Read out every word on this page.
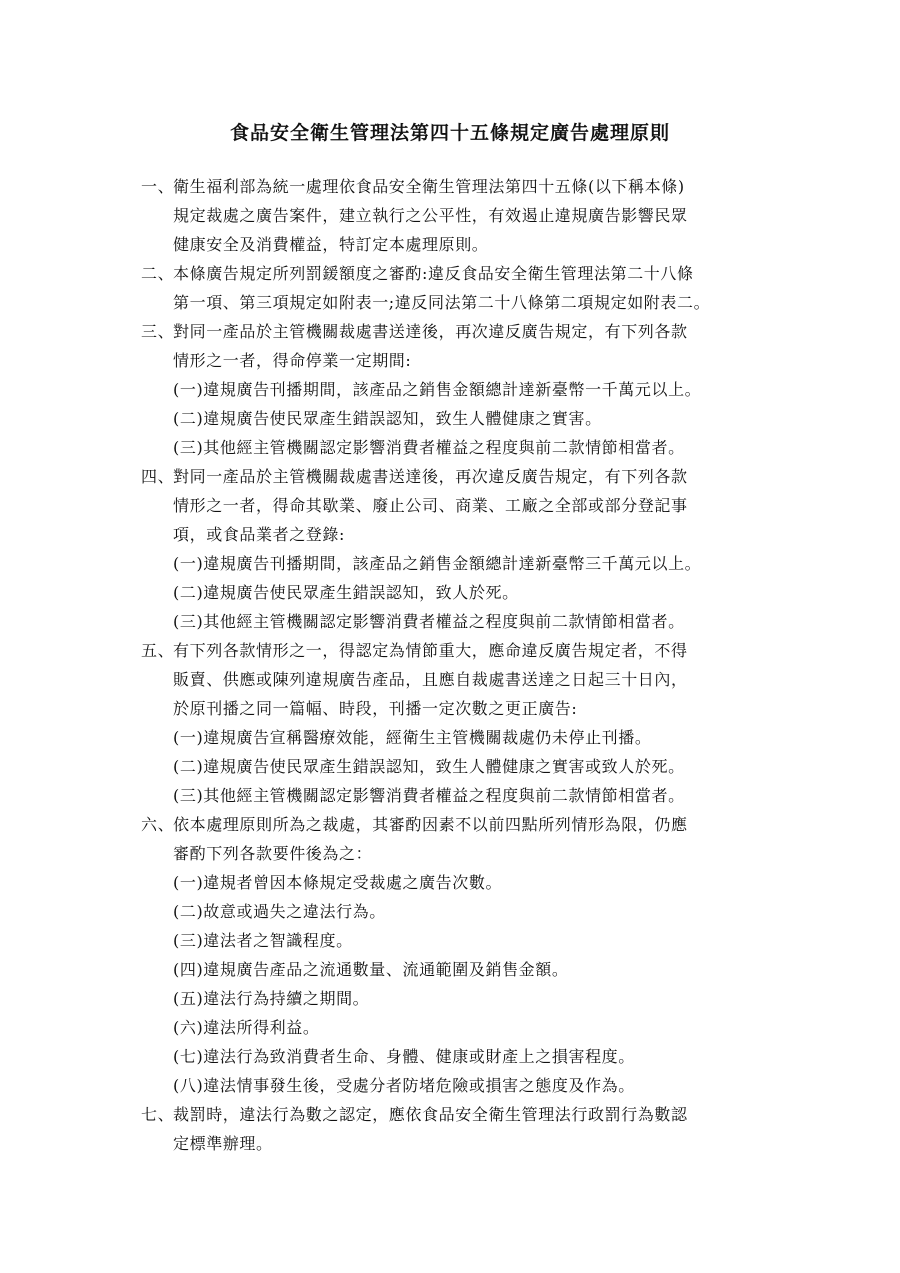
食品安全衛生管理法第四十五條規定廣告處理原則
一、
衛生福利部為統一處理依食品安全衛生管理法第四十五條(以下稱本條)
規定裁處之廣告案件，建立執行之公平性，有效遏止違規廣告影響民眾
健康安全及消費權益，特訂定本處理原則。
二、
本條廣告規定所列罰鍰額度之審酌:違反食品安全衛生管理法第二十八條
第一項、第三項規定如附表一;違反同法第二十八條第二項規定如附表二。
三、
對同一產品於主管機關裁處書送達後，再次違反廣告規定，有下列各款
情形之一者，得命停業一定期間:
(一)違規廣告刊播期間，該產品之銷售金額總計達新臺幣一千萬元以上。
(二)違規廣告使民眾產生錯誤認知，致生人體健康之實害。
(三)其他經主管機關認定影響消費者權益之程度與前二款情節相當者。
四、
對同一產品於主管機關裁處書送達後，再次違反廣告規定，有下列各款
情形之一者，得命其歇業、廢止公司、商業、工廠之全部或部分登記事
項，或食品業者之登錄:
(一)違規廣告刊播期間，該產品之銷售金額總計達新臺幣三千萬元以上。
(二)違規廣告使民眾產生錯誤認知，致人於死。
(三)其他經主管機關認定影響消費者權益之程度與前二款情節相當者。
五、
有下列各款情形之一，得認定為情節重大，應命違反廣告規定者，不得
販賣、供應或陳列違規廣告產品，且應自裁處書送達之日起三十日內，
於原刊播之同一篇幅、時段，刊播一定次數之更正廣告:
(一)違規廣告宣稱醫療效能，經衛生主管機關裁處仍未停止刊播。
(二)違規廣告使民眾產生錯誤認知，致生人體健康之實害或致人於死。
(三)其他經主管機關認定影響消費者權益之程度與前二款情節相當者。
六、
依本處理原則所為之裁處，其審酌因素不以前四點所列情形為限，仍應
審酌下列各款要件後為之：
(一)違規者曾因本條規定受裁處之廣告次數。
(二)故意或過失之違法行為。
(三)違法者之智識程度。
(四)違規廣告產品之流通數量、流通範圍及銷售金額。
(五)違法行為持續之期間。
(六)違法所得利益。
(七)違法行為致消費者生命、身體、健康或財產上之損害程度。
(八)違法情事發生後，受處分者防堵危險或損害之態度及作為。
七、
裁罰時，違法行為數之認定，應依食品安全衛生管理法行政罰行為數認
定標準辦理。
